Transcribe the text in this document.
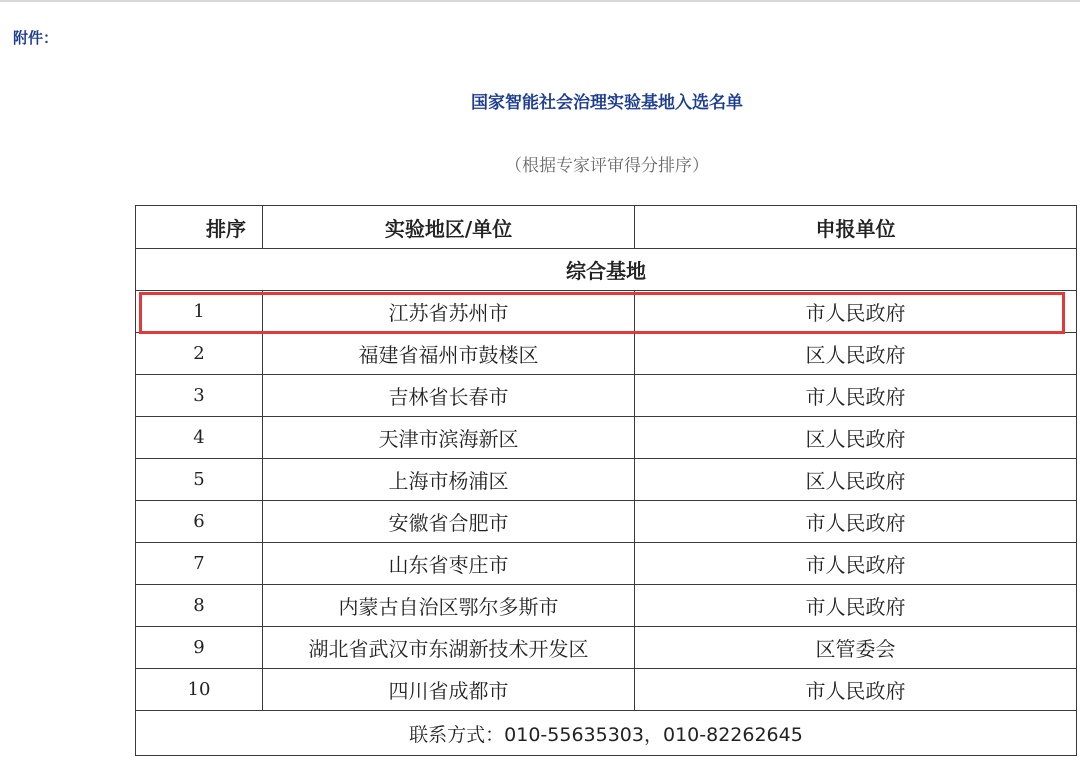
附件：
国家智能社会治理实验基地入选名单
（根据专家评审得分排序）
排序	实验地区/单位	申报单位
综合基地		
1	江苏省苏州市	市人民政府
2	福建省福州市鼓楼区	区人民政府
3	吉林省长春市	市人民政府
4	天津市滨海新区	区人民政府
5	上海市杨浦区	区人民政府
6	安徽省合肥市	市人民政府
7	山东省枣庄市	市人民政府
8	内蒙古自治区鄂尔多斯市	市人民政府
9	湖北省武汉市东湖新技术开发区	区管委会
10	四川省成都市	市人民政府
联系方式：010-55635303，010-82262645		
